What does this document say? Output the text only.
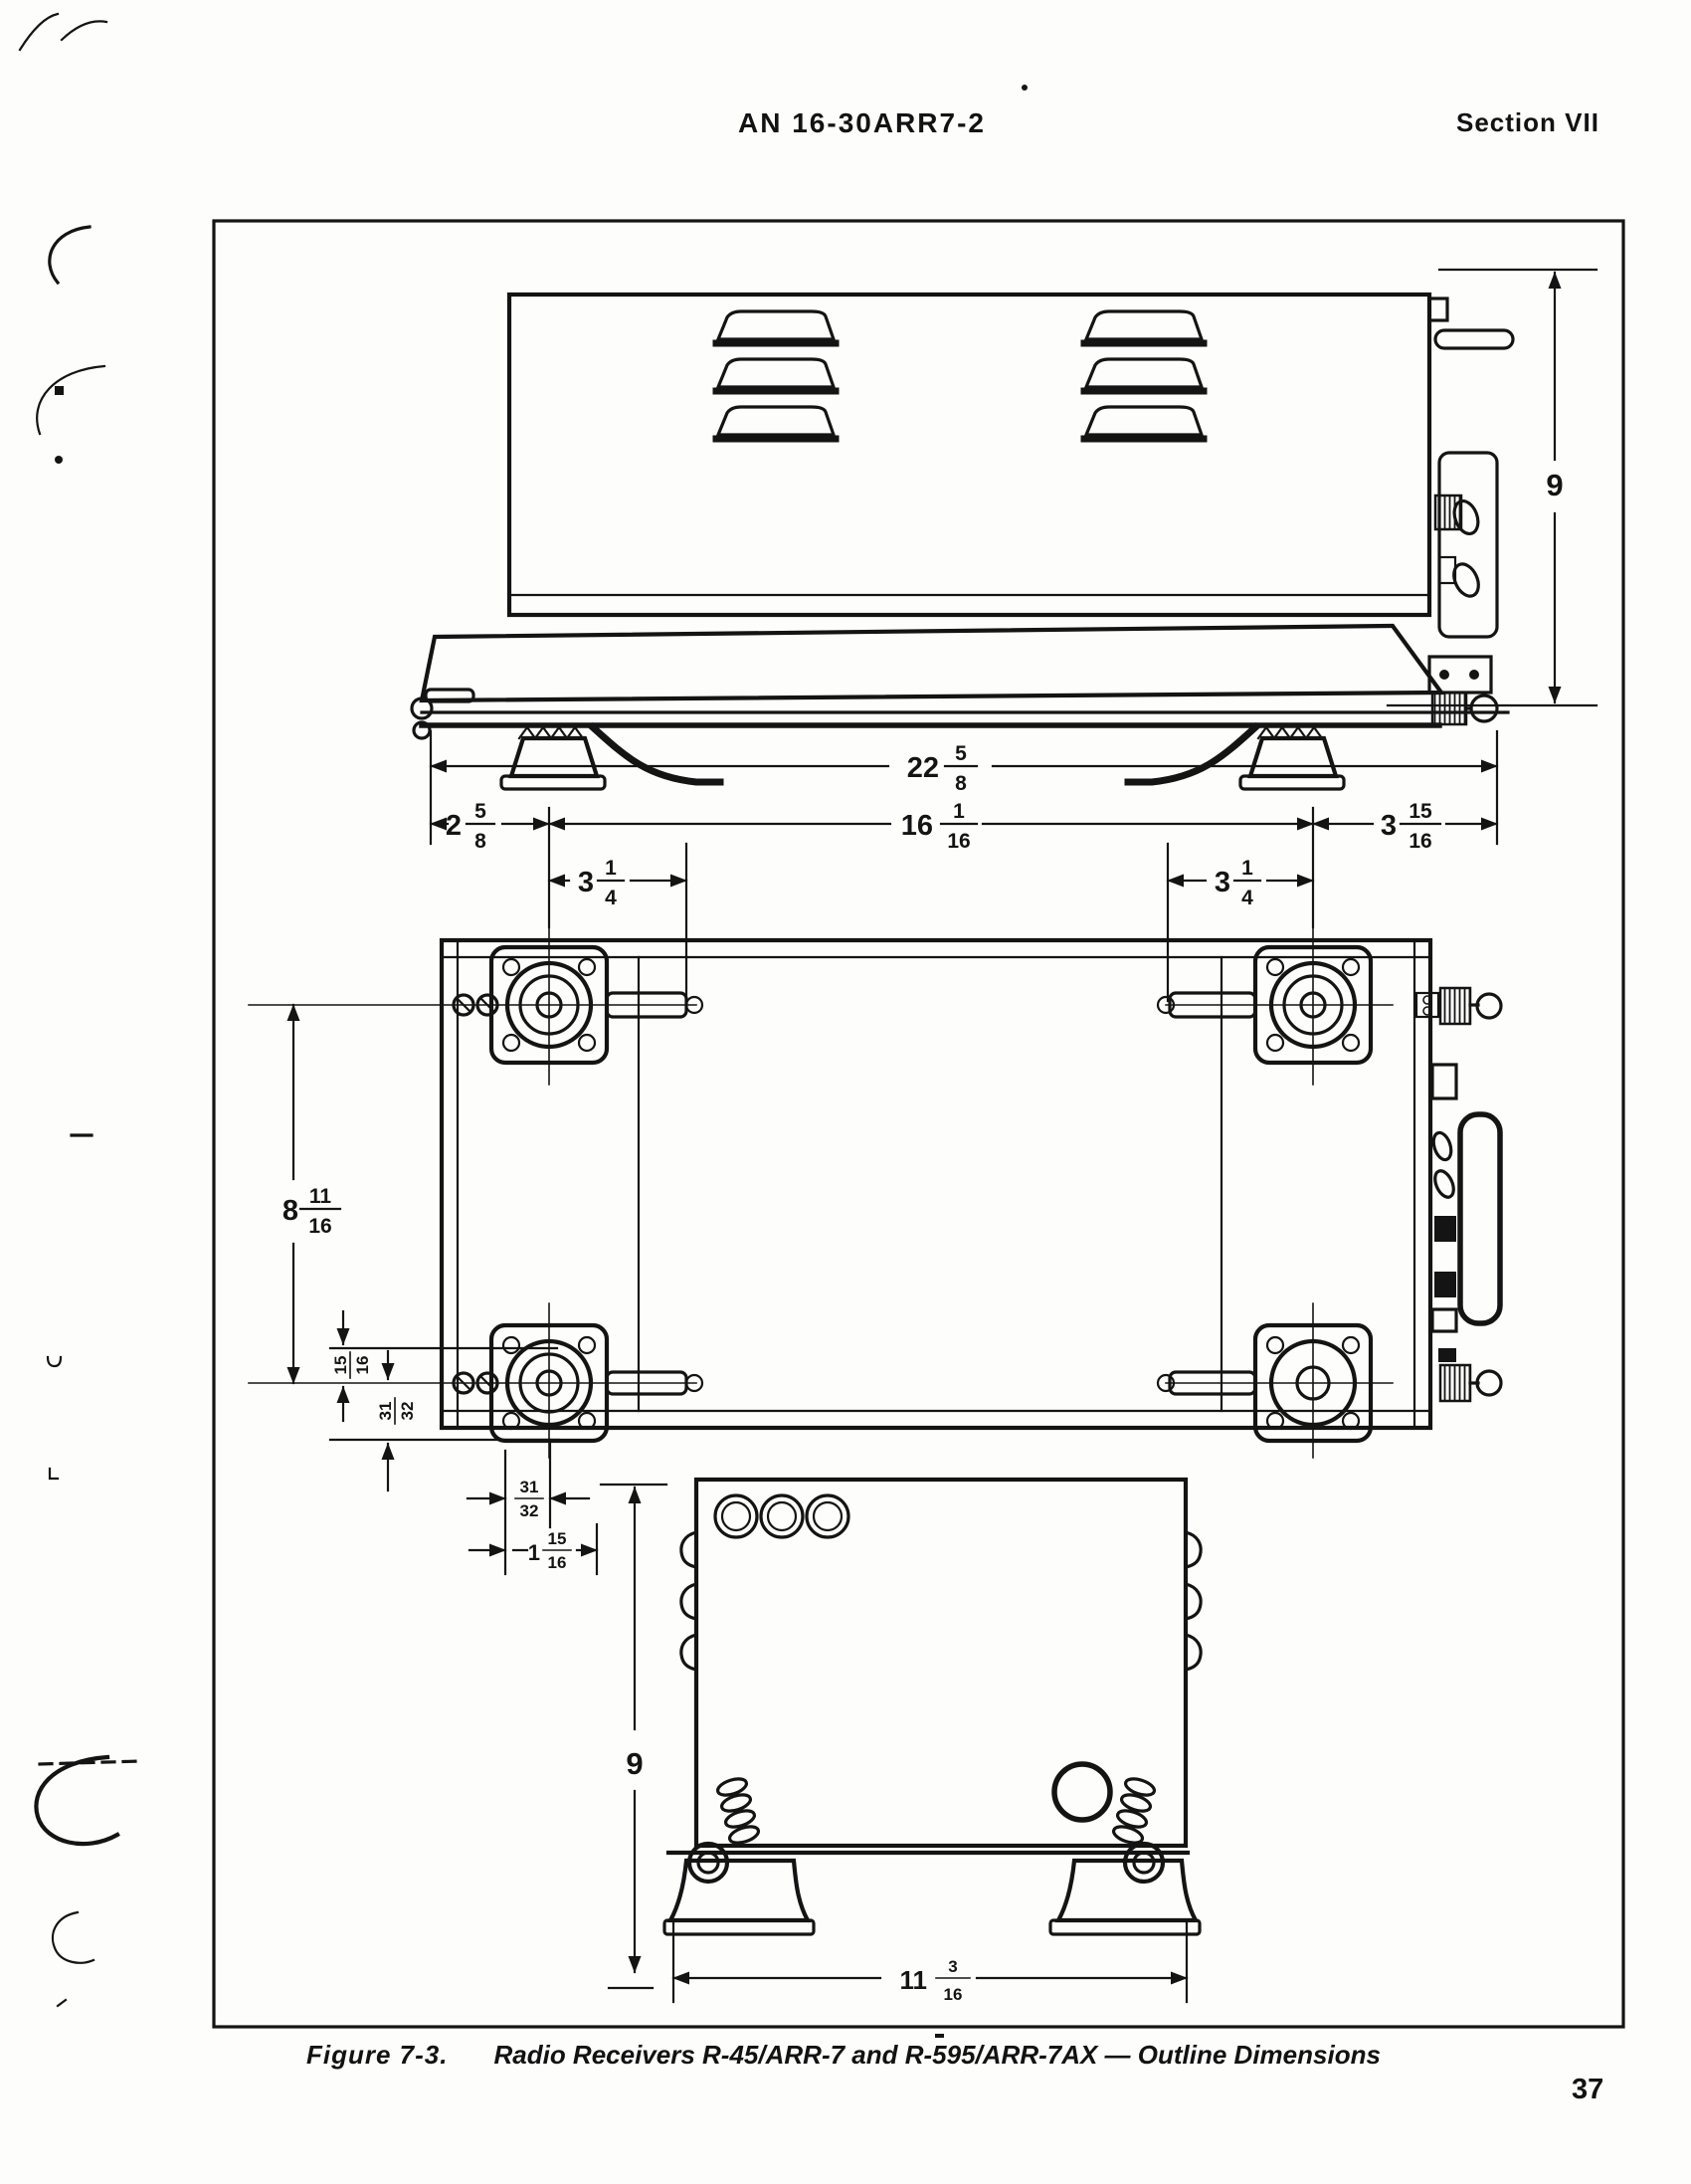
9
22 5
8
2 5
8	16 1
16	3 15
16
3 1
4	3 1
4
8 11
16
15 16
31 32
31
32
1
15
16
9
11 3
16
AN 16-30ARR7-2	Section VII
Figure 7-3. Radio Receivers R-45/ARR-7 and R-595/ARR-7AX — Outline Dimensions
37
